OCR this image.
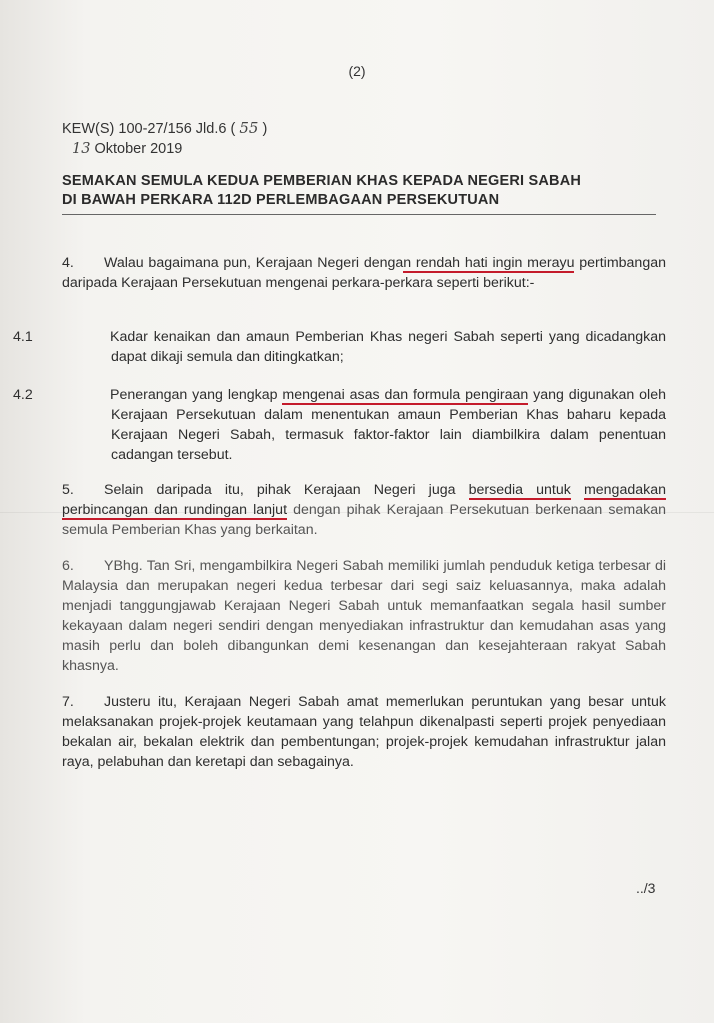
(2)
KEW(S) 100-27/156 Jld.6 ( 55 )
13 Oktober 2019
SEMAKAN SEMULA KEDUA PEMBERIAN KHAS KEPADA NEGERI SABAH
DI BAWAH PERKARA 112D PERLEMBAGAAN PERSEKUTUAN
4. Walau bagaimana pun, Kerajaan Negeri dengan rendah hati ingin merayu pertimbangan daripada Kerajaan Persekutuan mengenai perkara-perkara seperti berikut:-
4.1	Kadar kenaikan dan amaun Pemberian Khas negeri Sabah seperti yang dicadangkan dapat dikaji semula dan ditingkatkan;
4.2	Penerangan yang lengkap mengenai asas dan formula pengiraan yang digunakan oleh Kerajaan Persekutuan dalam menentukan amaun Pemberian Khas baharu kepada Kerajaan Negeri Sabah, termasuk faktor-faktor lain diambilkira dalam penentuan cadangan tersebut.
5. Selain daripada itu, pihak Kerajaan Negeri juga bersedia untuk mengadakan perbincangan dan rundingan lanjut dengan pihak Kerajaan Persekutuan berkenaan semakan semula Pemberian Khas yang berkaitan.
6. YBhg. Tan Sri, mengambilkira Negeri Sabah memiliki jumlah penduduk ketiga terbesar di Malaysia dan merupakan negeri kedua terbesar dari segi saiz keluasannya, maka adalah menjadi tanggungjawab Kerajaan Negeri Sabah untuk memanfaatkan segala hasil sumber kekayaan dalam negeri sendiri dengan menyediakan infrastruktur dan kemudahan asas yang masih perlu dan boleh dibangunkan demi kesenangan dan kesejahteraan rakyat Sabah khasnya.
7. Justeru itu, Kerajaan Negeri Sabah amat memerlukan peruntukan yang besar untuk melaksanakan projek-projek keutamaan yang telahpun dikenalpasti seperti projek penyediaan bekalan air, bekalan elektrik dan pembentungan; projek-projek kemudahan infrastruktur jalan raya, pelabuhan dan keretapi dan sebagainya.
../3
